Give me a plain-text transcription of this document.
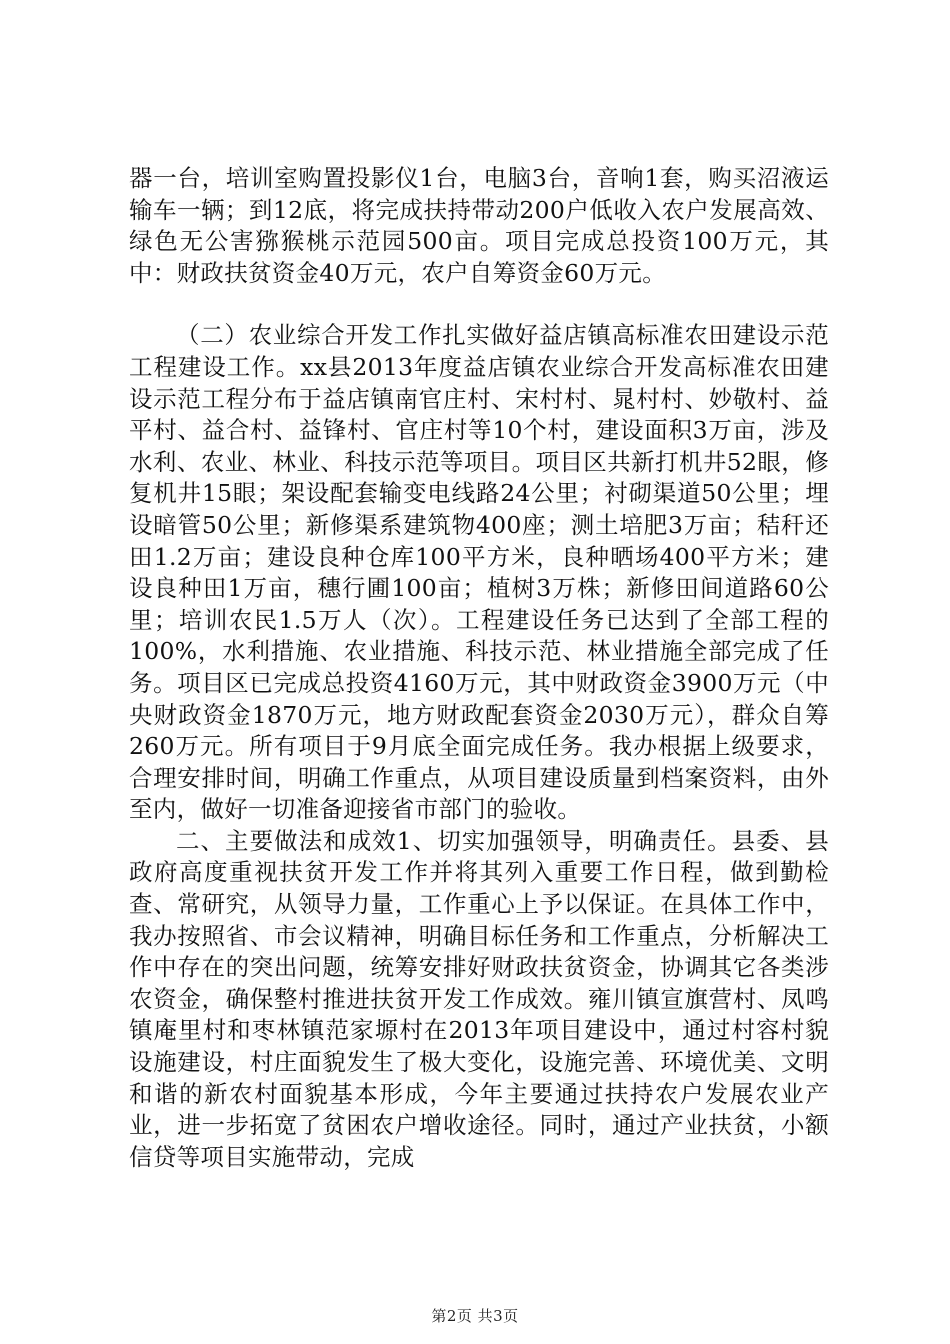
器一台，培训室购置投影仪1台，电脑3台，音响1套，购买沼液运输车一辆；到12底，将完成扶持带动200户低收入农户发展高效、绿色无公害猕猴桃示范园500亩。项目完成总投资100万元，其中：财政扶贫资金40万元，农户自筹资金60万元。

（二）农业综合开发工作扎实做好益店镇高标准农田建设示范工程建设工作。xx县2013年度益店镇农业综合开发高标准农田建设示范工程分布于益店镇南官庄村、宋村村、晁村村、妙敬村、益平村、益合村、益锋村、官庄村等10个村，建设面积3万亩，涉及水利、农业、林业、科技示范等项目。项目区共新打机井52眼，修复机井15眼；架设配套输变电线路24公里；衬砌渠道50公里；埋设暗管50公里；新修渠系建筑物400座；测土培肥3万亩；秸秆还田1.2万亩；建设良种仓库100平方米，良种晒场400平方米；建设良种田1万亩，穗行圃100亩；植树3万株；新修田间道路60公里；培训农民1.5万人（次）。工程建设任务已达到了全部工程的100%，水利措施、农业措施、科技示范、林业措施全部完成了任务。项目区已完成总投资4160万元，其中财政资金3900万元（中央财政资金1870万元，地方财政配套资金2030万元），群众自筹260万元。所有项目于9月底全面完成任务。我办根据上级要求，合理安排时间，明确工作重点，从项目建设质量到档案资料，由外至内，做好一切准备迎接省市部门的验收。

二、主要做法和成效1、切实加强领导，明确责任。县委、县政府高度重视扶贫开发工作并将其列入重要工作日程，做到勤检查、常研究，从领导力量，工作重心上予以保证。在具体工作中，我办按照省、市会议精神，明确目标任务和工作重点，分析解决工作中存在的突出问题，统筹安排好财政扶贫资金，协调其它各类涉农资金，确保整村推进扶贫开发工作成效。雍川镇宣旗营村、凤鸣镇庵里村和枣林镇范家塬村在2013年项目建设中，通过村容村貌设施建设，村庄面貌发生了极大变化，设施完善、环境优美、文明和谐的新农村面貌基本形成，今年主要通过扶持农户发展农业产业，进一步拓宽了贫困农户增收途径。同时，通过产业扶贫，小额信贷等项目实施带动，完成

第2页 共3页
